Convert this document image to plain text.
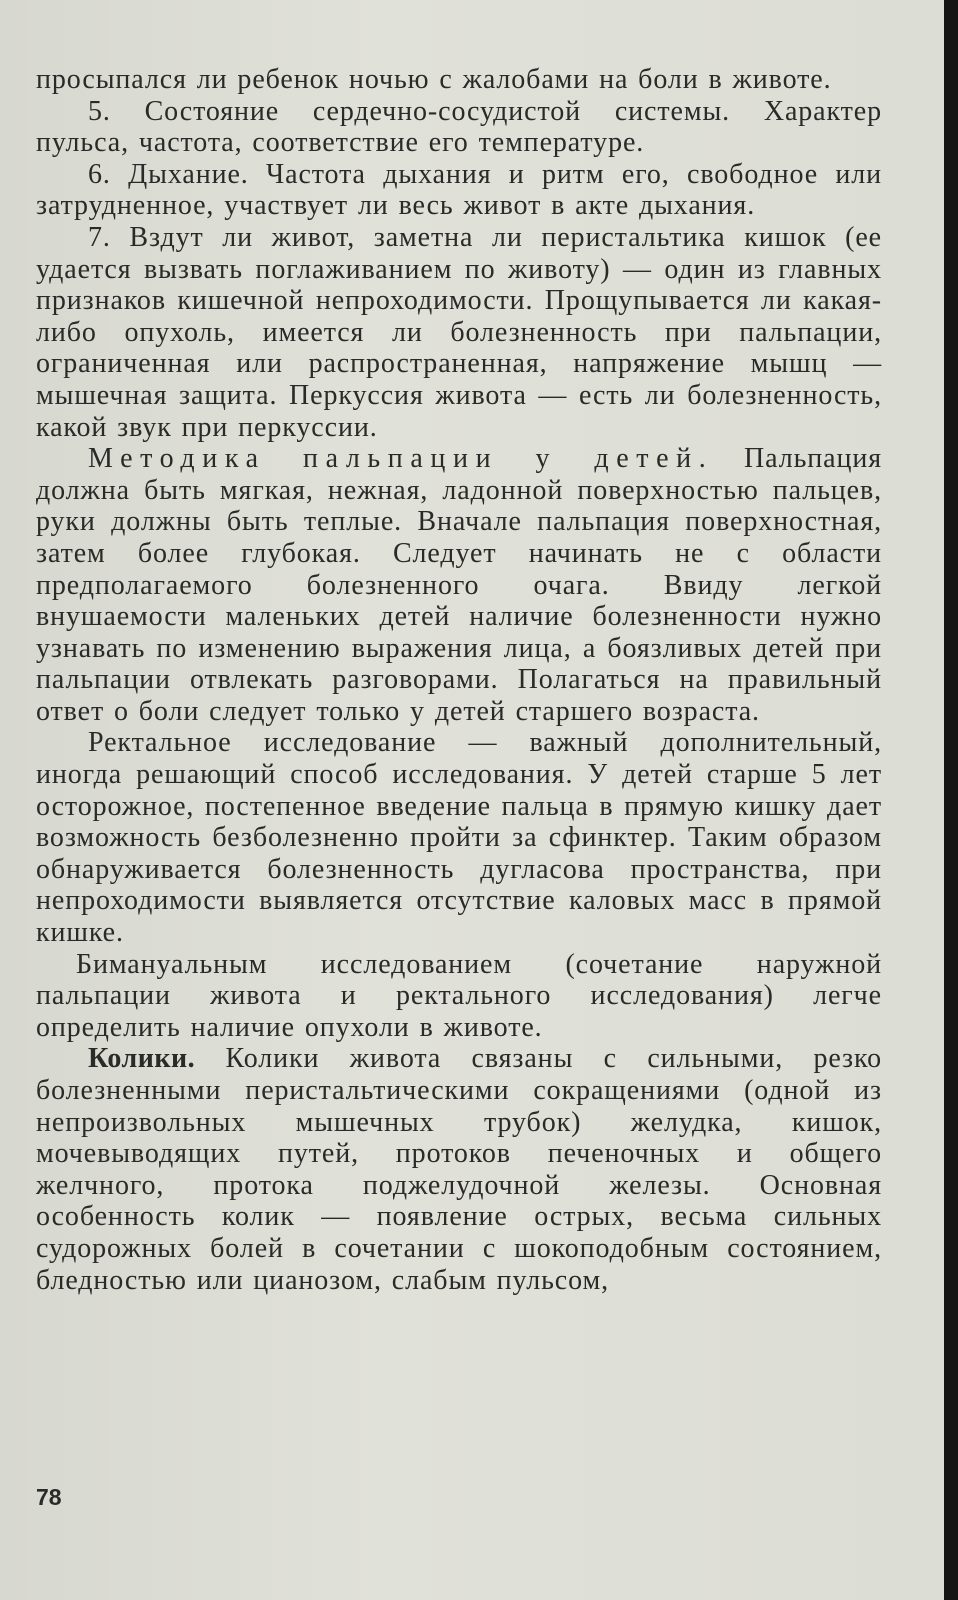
просыпался ли ребенок ночью с жалобами на боли в животе.

5. Состояние сердечно-сосудистой системы. Характер пульса, частота, соответствие его температуре.

6. Дыхание. Частота дыхания и ритм его, свободное или затрудненное, участвует ли весь живот в акте дыхания.

7. Вздут ли живот, заметна ли перистальтика кишок (ее удается вызвать поглаживанием по животу) — один из главных признаков кишечной непроходимости. Прощупывается ли какая-либо опухоль, имеется ли болезненность при пальпации, ограниченная или распространенная, напряжение мышц — мышечная защита. Перкуссия живота — есть ли болезненность, какой звук при перкуссии.

Методика пальпации у детей. Пальпация должна быть мягкая, нежная, ладонной поверхностью пальцев, руки должны быть теплые. Вначале пальпация поверхностная, затем более глубокая. Следует начинать не с области предполагаемого болезненного очага. Ввиду легкой внушаемости маленьких детей наличие болезненности нужно узнавать по изменению выражения лица, а боязливых детей при пальпации отвлекать разговорами. Полагаться на правильный ответ о боли следует только у детей старшего возраста.

Ректальное исследование — важный дополнительный, иногда решающий способ исследования. У детей старше 5 лет осторожное, постепенное введение пальца в прямую кишку дает возможность безболезненно пройти за сфинктер. Таким образом обнаруживается болезненность дугласова пространства, при непроходимости выявляется отсутствие каловых масс в прямой кишке.

Бимануальным исследованием (сочетание наружной пальпации живота и ректального исследования) легче определить наличие опухоли в животе.

Колики. Колики живота связаны с сильными, резко болезненными перистальтическими сокращениями (одной из непроизвольных мышечных трубок) желудка, кишок, мочевыводящих путей, протоков печеночных и общего желчного, протока поджелудочной железы. Основная особенность колик — появление острых, весьма сильных судорожных болей в сочетании с шокоподобным состоянием, бледностью или цианозом, слабым пульсом,

78
